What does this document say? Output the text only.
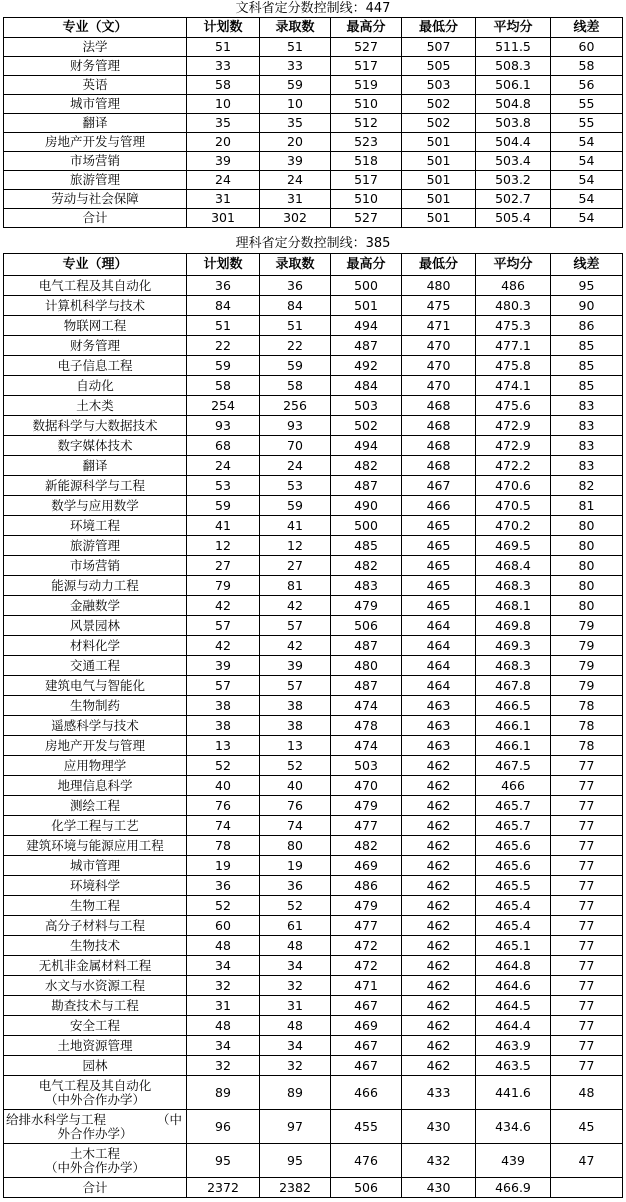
文科省定分数控制线：447
专业（文）	计划数	录取数	最高分	最低分	平均分	线差
法学	51	51	527	507	511.5	60
财务管理	33	33	517	505	508.3	58
英语	58	59	519	503	506.1	56
城市管理	10	10	510	502	504.8	55
翻译	35	35	512	502	503.8	55
房地产开发与管理	20	20	523	501	504.4	54
市场营销	39	39	518	501	503.4	54
旅游管理	24	24	517	501	503.2	54
劳动与社会保障	31	31	510	501	502.7	54
合计	301	302	527	501	505.4	54
理科省定分数控制线：385
专业（理）	计划数	录取数	最高分	最低分	平均分	线差
电气工程及其自动化	36	36	500	480	486	95
计算机科学与技术	84	84	501	475	480.3	90
物联网工程	51	51	494	471	475.3	86
财务管理	22	22	487	470	477.1	85
电子信息工程	59	59	492	470	475.8	85
自动化	58	58	484	470	474.1	85
土木类	254	256	503	468	475.6	83
数据科学与大数据技术	93	93	502	468	472.9	83
数字媒体技术	68	70	494	468	472.9	83
翻译	24	24	482	468	472.2	83
新能源科学与工程	53	53	487	467	470.6	82
数学与应用数学	59	59	490	466	470.5	81
环境工程	41	41	500	465	470.2	80
旅游管理	12	12	485	465	469.5	80
市场营销	27	27	482	465	468.4	80
能源与动力工程	79	81	483	465	468.3	80
金融数学	42	42	479	465	468.1	80
风景园林	57	57	506	464	469.8	79
材料化学	42	42	487	464	469.3	79
交通工程	39	39	480	464	468.3	79
建筑电气与智能化	57	57	487	464	467.8	79
生物制药	38	38	474	463	466.5	78
遥感科学与技术	38	38	478	463	466.1	78
房地产开发与管理	13	13	474	463	466.1	78
应用物理学	52	52	503	462	467.5	77
地理信息科学	40	40	470	462	466	77
测绘工程	76	76	479	462	465.7	77
化学工程与工艺	74	74	477	462	465.7	77
建筑环境与能源应用工程	78	80	482	462	465.6	77
城市管理	19	19	469	462	465.6	77
环境科学	36	36	486	462	465.5	77
生物工程	52	52	479	462	465.4	77
高分子材料与工程	60	61	477	462	465.4	77
生物技术	48	48	472	462	465.1	77
无机非金属材料工程	34	34	472	462	464.8	77
水文与水资源工程	32	32	471	462	464.6	77
勘查技术与工程	31	31	467	462	464.5	77
安全工程	48	48	469	462	464.4	77
土地资源管理	34	34	467	462	463.9	77
园林	32	32	467	462	463.5	77

电气工程及其自动化
（中外合作办学）	89	89	466	433	441.6	48

给排水科学与工程 （中
外合作办学）	96	97	455	430	434.6	45

土木工程
（中外合作办学）	95	95	476	432	439	47
合计	2372	2382	506	430	466.9	
